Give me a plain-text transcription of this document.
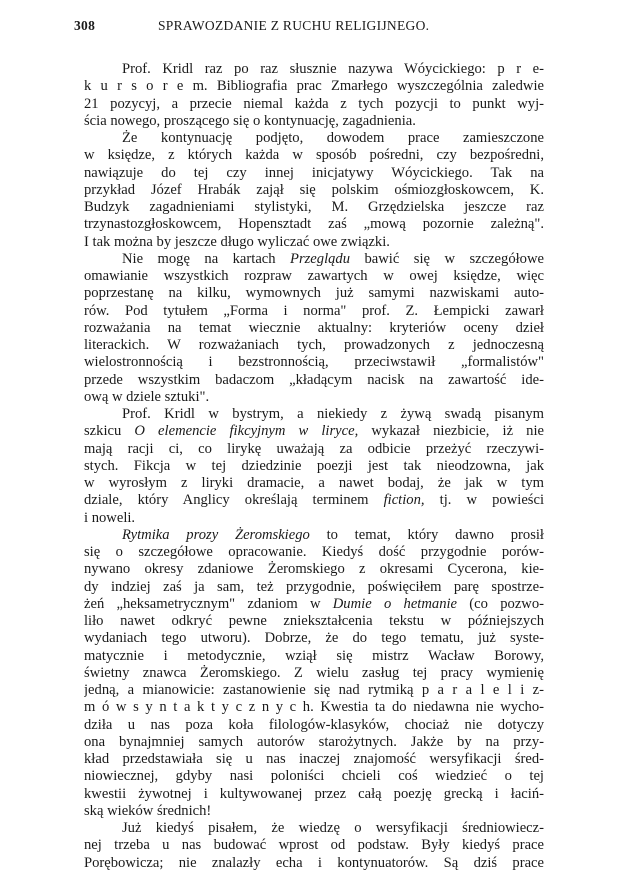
308	SPRAWOZDANIE Z RUCHU RELIGIJNEGO.
Prof. Kridl raz po raz słusznie nazywa Wóycickiego: p r e-
k u r s o r e m. Bibliografia prac Zmarłego wyszczególnia zaledwie
21 pozycyj, a przecie niemal każda z tych pozycji to punkt wyj-
ścia nowego, proszącego się o kontynuację, zagadnienia.
Że kontynuację podjęto, dowodem prace zamieszczone
w księdze, z których każda w sposób pośredni, czy bezpośredni,
nawiązuje do tej czy innej inicjatywy Wóycickiego. Tak na
przykład Józef Hrabák zajął się polskim ośmiozgłoskowcem, K.
Budzyk zagadnieniami stylistyki, M. Grzędzielska jeszcze raz
trzynastozgłoskowcem, Hopensztadt zaś „mową pozornie zależną".
I tak można by jeszcze długo wyliczać owe związki.
Nie mogę na kartach Przeglądu bawić się w szczegółowe
omawianie wszystkich rozpraw zawartych w owej księdze, więc
poprzestanę na kilku, wymownych już samymi nazwiskami auto-
rów. Pod tytułem „Forma i norma" prof. Z. Łempicki zawarł
rozważania na temat wiecznie aktualny: kryteriów oceny dzieł
literackich. W rozważaniach tych, prowadzonych z jednoczesną
wielostronnością i bezstronnością, przeciwstawił „formalistów"
przede wszystkim badaczom „kładącym nacisk na zawartość ide-
ową w dziele sztuki".
Prof. Kridl w bystrym, a niekiedy z żywą swadą pisanym
szkicu O elemencie fikcyjnym w liryce, wykazał niezbicie, iż nie
mają racji ci, co lirykę uważają za odbicie przeżyć rzeczywi-
stych. Fikcja w tej dziedzinie poezji jest tak nieodzowna, jak
w wyrosłym z liryki dramacie, a nawet bodaj, że jak w tym
dziale, który Anglicy określają terminem fiction, tj. w powieści
i noweli.
Rytmika prozy Żeromskiego to temat, który dawno prosił
się o szczegółowe opracowanie. Kiedyś dość przygodnie porów-
nywano okresy zdaniowe Żeromskiego z okresami Cycerona, kie-
dy indziej zaś ja sam, też przygodnie, poświęciłem parę spostrze-
żeń „heksametrycznym" zdaniom w Dumie o hetmanie (co pozwo-
liło nawet odkryć pewne zniekształcenia tekstu w późniejszych
wydaniach tego utworu). Dobrze, że do tego tematu, już syste-
matycznie i metodycznie, wziął się mistrz Wacław Borowy,
świetny znawca Żeromskiego. Z wielu zasług tej pracy wymienię
jedną, a mianowicie: zastanowienie się nad rytmiką p a r a l e l i z-
m ó w s y n t a k t y c z n y c h. Kwestia ta do niedawna nie wycho-
dziła u nas poza koła filologów-klasyków, chociaż nie dotyczy
ona bynajmniej samych autorów starożytnych. Jakże by na przy-
kład przedstawiała się u nas inaczej znajomość wersyfikacji śred-
niowiecznej, gdyby nasi poloniści chcieli coś wiedzieć o tej
kwestii żywotnej i kultywowanej przez całą poezję grecką i łaciń-
ską wieków średnich!
Już kiedyś pisałem, że wiedzę o wersyfikacji średniowiecz-
nej trzeba u nas budować wprost od podstaw. Były kiedyś prace
Porębowicza; nie znalazły echa i kontynuatorów. Są dziś prace
